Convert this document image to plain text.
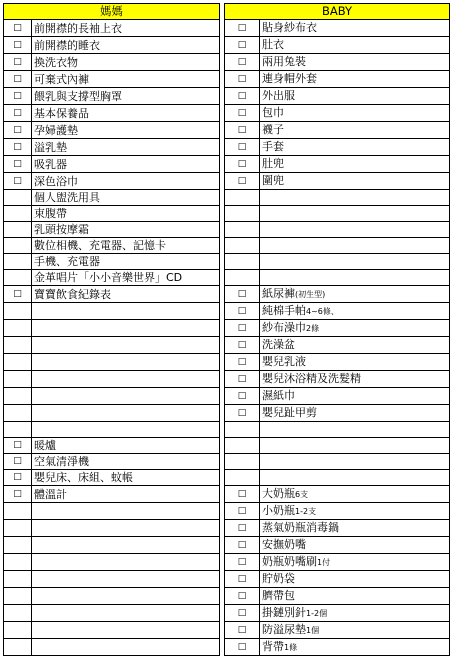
媽媽			BABY	
□	前開襟的長袖上衣		□	貼身紗布衣
□	前開襟的睡衣		□	肚衣
□	換洗衣物		□	兩用兔裝
□	可棄式內褲		□	連身帽外套
□	餵乳與支撐型胸罩		□	外出服
□	基本保養品		□	包巾
□	孕婦護墊		□	襪子
□	溢乳墊		□	手套
□	吸乳器		□	肚兜
□	深色浴巾		□	圍兜
	個人盥洗用具			
	束腹帶			
	乳頭按摩霜			
	數位相機、充電器、記憶卡			
	手機、充電器			
	金革唱片「小小音樂世界」CD			
□	寶寶飲食紀錄表		□	紙尿褲(初生型)
			□	純棉手帕4~6條、
			□	紗布澡巾2條
			□	洗澡盆
			□	嬰兒乳液
			□	嬰兒沐浴精及洗髮精
			□	濕紙巾
			□	嬰兒趾甲剪

□	暖爐			
□	空氣清淨機			
□	嬰兒床、床組、蚊帳			
□	體溫計		□	大奶瓶6支
			□	小奶瓶1-2支
			□	蒸氣奶瓶消毒鍋
			□	安撫奶嘴
			□	奶瓶奶嘴刷1付
			□	貯奶袋
			□	臍帶包
			□	掛鏈別針1-2個
			□	防溢尿墊1個
			□	背帶1條
